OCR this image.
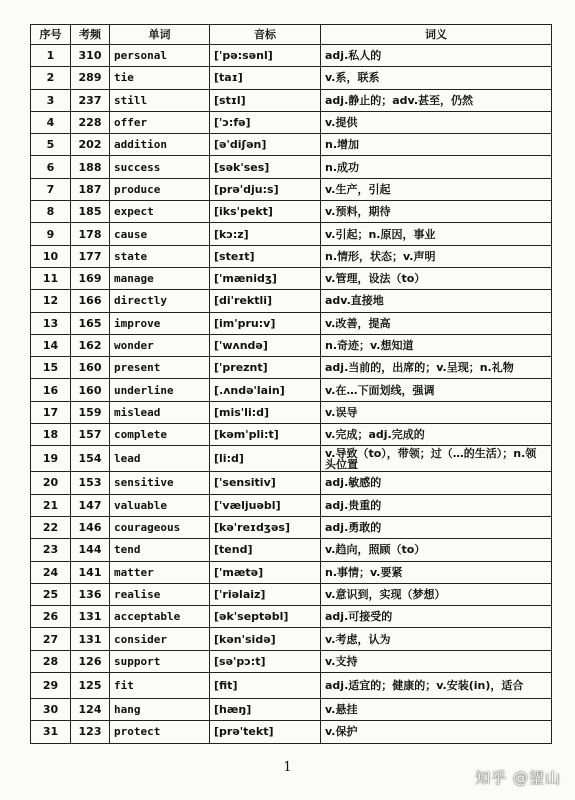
序号	考频	单词	音标	词义
1	310	personal	['pə:sənl]	adj.私人的
2	289	tie	[taɪ]	v.系，联系
3	237	still	[stɪl]	adj.静止的；adv.甚至，仍然
4	228	offer	['ɔ:fə]	v.提供
5	202	addition	[ə'diʃən]	n.增加
6	188	success	[sək'ses]	n.成功
7	187	produce	[prə'dju:s]	v.生产，引起
8	185	expect	[iks'pekt]	v.预料，期待
9	178	cause	[kɔ:z]	v.引起；n.原因，事业
10	177	state	[steɪt]	n.情形，状态；v.声明
11	169	manage	['mænidʒ]	v.管理，设法（to）
12	166	directly	[di'rektli]	adv.直接地
13	165	improve	[im'pru:v]	v.改善，提高
14	162	wonder	['wʌndə]	n.奇迹；v.想知道
15	160	present	['preznt]	adj.当前的，出席的；v.呈现；n.礼物
16	160	underline	[.ʌndə'lain]	v.在…下面划线，强调
17	159	mislead	[mis'li:d]	v.误导
18	157	complete	[kəm'pli:t]	v.完成；adj.完成的
19	154	lead	[li:d]	v.导致（to），带领；过（…的生活）；n.领头位置
20	153	sensitive	['sensitiv]	adj.敏感的
21	147	valuable	['væljuəbl]	adj.贵重的
22	146	courageous	[kə'reɪdʒəs]	adj.勇敢的
23	144	tend	[tend]	v.趋向，照顾（to）
24	141	matter	['mætə]	n.事情；v.要紧
25	136	realise	['riəlaiz]	v.意识到，实现（梦想）
26	131	acceptable	[ək'septəbl]	adj.可接受的
27	131	consider	[kən'sidə]	v.考虑，认为
28	126	support	[sə'pɔ:t]	v.支持
29	125	fit	[fit]	adj.适宜的；健康的；v.安装(in)，适合
30	124	hang	[hæŋ]	v.悬挂
31	123	protect	[prə'tekt]	v.保护
1
知乎 @望山
